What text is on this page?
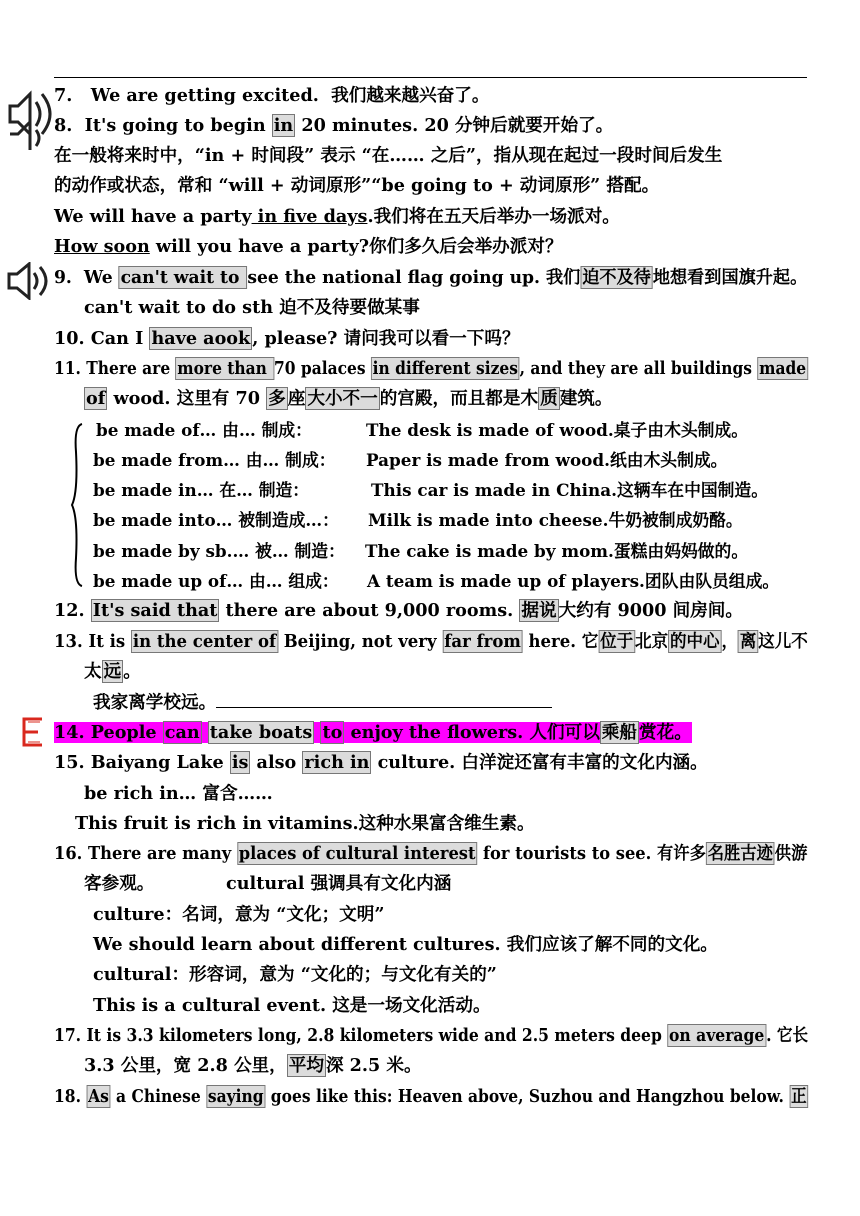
7. We are getting excited. 我们越来越兴奋了。
8. It's going to begin in 20 minutes. 20 分钟后就要开始了。
在一般将来时中，“in + 时间段” 表示 “在…… 之后”，指从现在起过一段时间后发生
的动作或状态，常和 “will + 动词原形”“be going to + 动词原形” 搭配。
We will have a party in five days.我们将在五天后举办一场派对。
How soon will you have a party?你们多久后会举办派对？
9. We can't wait to see the national flag going up. 我们 迫不及待 地想看到国旗升起。
can't wait to do sth 迫不及待要做某事
10. Can I have aook , please? 请问我可以看一下吗？
11. There are more than 70 palaces in different sizes, and they are all buildings made
of wood. 这里有 70 多 座 大小不一 的宫殿，而且都是木 质 建筑。
be made of… 由… 制成：	The desk is made of wood.桌子由木头制成。
be made from… 由… 制成： Paper is made from wood.纸由木头制成。
be made in… 在… 制造：	This car is made in China.这辆车在中国制造。
be made into… 被制造成…： Milk is made into cheese.牛奶被制成奶酪。
be made by sb.… 被… 制造： The cake is made by mom.蛋糕由妈妈做的。
be made up of… 由… 组成： A team is made up of players.团队由队员组成。
12. It's said that there are about 9,000 rooms. 据说 大约有 9000 间房间。
13. It is in the center of Beijing, not very far from here. 它 位于 北京 的中心 ， 离 这儿不
太 远 。
我家离学校远。
14. People can take boats to enjoy the flowers. 人们可以 乘船 赏花。
15. Baiyang Lake is also rich in culture. 白洋淀还富有丰富的文化内涵。
be rich in… 富含……
This fruit is rich in vitamins.这种水果富含维生素。
16. There are many places of cultural interest for tourists to see. 有许多 名胜古迹 供游
客参观。	cultural 强调具有文化内涵
culture：名词，意为 “文化；文明”
We should learn about different cultures. 我们应该了解不同的文化。
cultural：形容词，意为 “文化的；与文化有关的”
This is a cultural event. 这是一场文化活动。
17. It is 3.3 kilometers long, 2.8 kilometers wide and 2.5 meters deep on average . 它长
3.3 公里，宽 2.8 公里， 平均 深 2.5 米。
18. As a Chinese saying goes like this: Heaven above, Suzhou and Hangzhou below. 正
